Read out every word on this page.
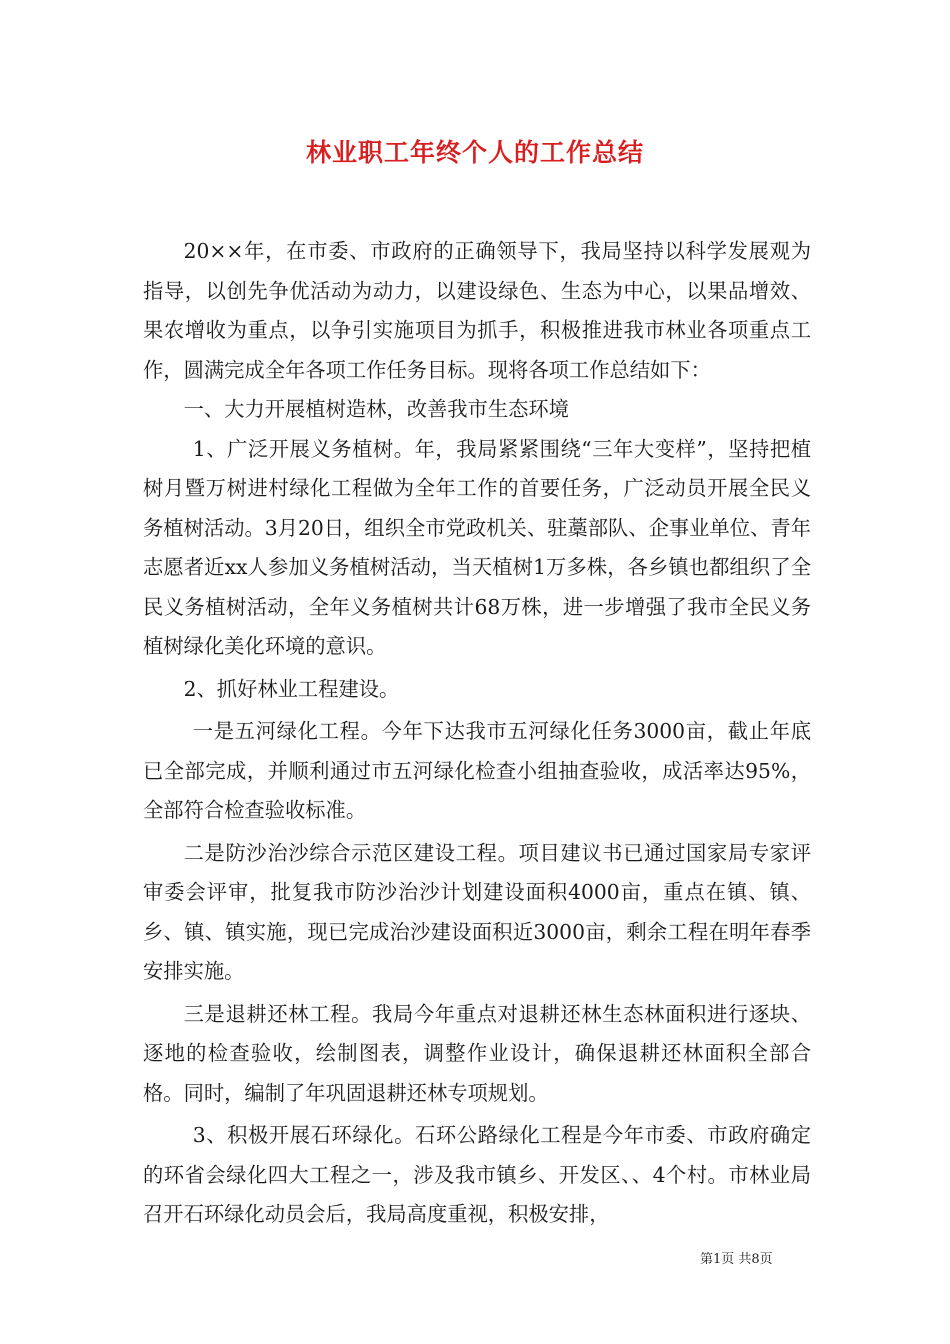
林业职工年终个人的工作总结

20××年，在市委、市政府的正确领导下，我局坚持以科学发展观为指导，以创先争优活动为动力，以建设绿色、生态为中心，以果品增效、果农增收为重点，以争引实施项目为抓手，积极推进我市林业各项重点工作，圆满完成全年各项工作任务目标。现将各项工作总结如下：

一、大力开展植树造林，改善我市生态环境

1、广泛开展义务植树。年，我局紧紧围绕“三年大变样”，坚持把植树月暨万树进村绿化工程做为全年工作的首要任务，广泛动员开展全民义务植树活动。3月20日，组织全市党政机关、驻藁部队、企事业单位、青年志愿者近xx人参加义务植树活动，当天植树1万多株，各乡镇也都组织了全民义务植树活动，全年义务植树共计68万株，进一步增强了我市全民义务植树绿化美化环境的意识。

2、抓好林业工程建设。

一是五河绿化工程。今年下达我市五河绿化任务3000亩，截止年底已全部完成，并顺利通过市五河绿化检查小组抽查验收，成活率达95%，全部符合检查验收标准。

二是防沙治沙综合示范区建设工程。项目建议书已通过国家局专家评审委会评审，批复我市防沙治沙计划建设面积4000亩，重点在镇、镇、乡、镇、镇实施，现已完成治沙建设面积近3000亩，剩余工程在明年春季安排实施。

三是退耕还林工程。我局今年重点对退耕还林生态林面积进行逐块、逐地的检查验收，绘制图表，调整作业设计，确保退耕还林面积全部合格。同时，编制了年巩固退耕还林专项规划。

3、积极开展石环绿化。石环公路绿化工程是今年市委、市政府确定的环省会绿化四大工程之一，涉及我市镇乡、开发区、、4个村。市林业局召开石环绿化动员会后，我局高度重视，积极安排，

第1页 共8页
